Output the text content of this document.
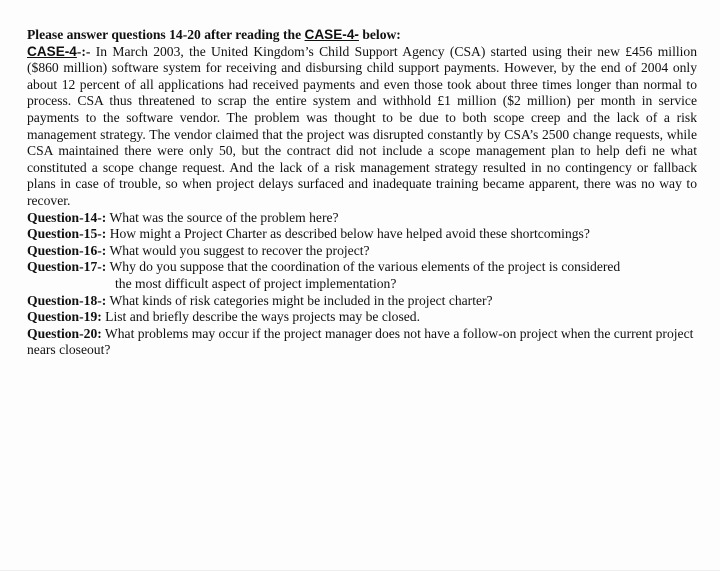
Please answer questions 14-20 after reading the CASE-4- below:

CASE-4-:- In March 2003, the United Kingdom’s Child Support Agency (CSA) started using their new £456 million ($860 million) software system for receiving and disbursing child support payments. However, by the end of 2004 only about 12 percent of all applications had received payments and even those took about three times longer than normal to process. CSA thus threatened to scrap the entire system and withhold £1 million ($2 million) per month in service payments to the software vendor. The problem was thought to be due to both scope creep and the lack of a risk management strategy. The vendor claimed that the project was disrupted constantly by CSA’s 2500 change requests, while CSA maintained there were only 50, but the contract did not include a scope management plan to help defi ne what constituted a scope change request. And the lack of a risk management strategy resulted in no contingency or fallback plans in case of trouble, so when project delays surfaced and inadequate training became apparent, there was no way to recover.

Question-14-: What was the source of the problem here?
Question-15-: How might a Project Charter as described below have helped avoid these shortcomings?
Question-16-: What would you suggest to recover the project?
Question-17-: Why do you suppose that the coordination of the various elements of the project is considered
the most difficult aspect of project implementation?
Question-18-: What kinds of risk categories might be included in the project charter?
Question-19: List and briefly describe the ways projects may be closed.
Question-20: What problems may occur if the project manager does not have a follow-on project when the current project nears closeout?
